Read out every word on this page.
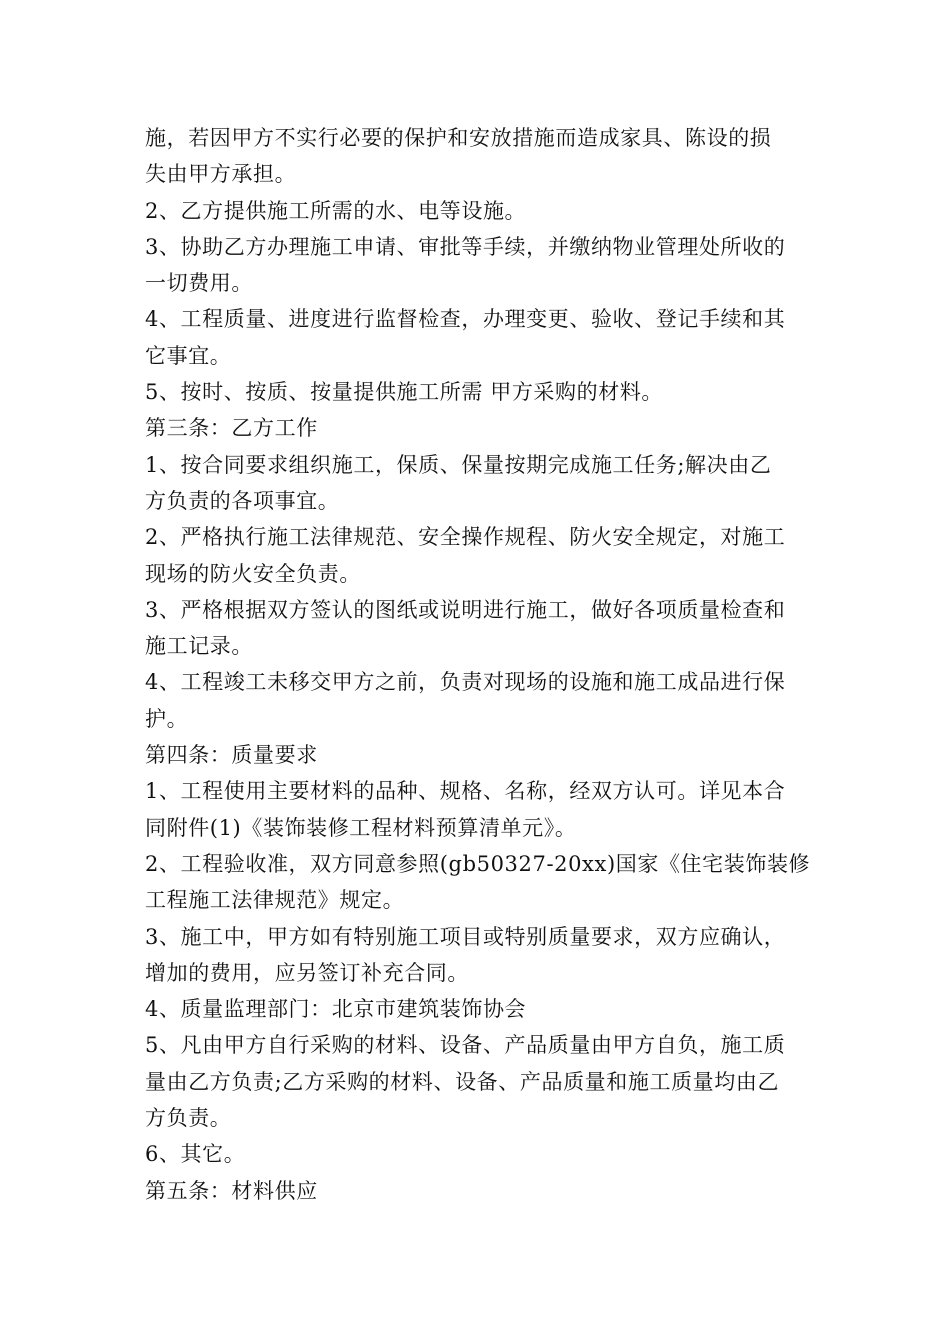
施，若因甲方不实行必要的保护和安放措施而造成家具、陈设的损
失由甲方承担。
2、乙方提供施工所需的水、电等设施。
3、协助乙方办理施工申请、审批等手续，并缴纳物业管理处所收的
一切费用。
4、工程质量、进度进行监督检查，办理变更、验收、登记手续和其
它事宜。
5、按时、按质、按量提供施工所需 甲方采购的材料。
第三条：乙方工作
1、按合同要求组织施工，保质、保量按期完成施工任务;解决由乙
方负责的各项事宜。
2、严格执行施工法律规范、安全操作规程、防火安全规定，对施工
现场的防火安全负责。
3、严格根据双方签认的图纸或说明进行施工，做好各项质量检查和
施工记录。
4、工程竣工未移交甲方之前，负责对现场的设施和施工成品进行保
护。
第四条：质量要求
1、工程使用主要材料的品种、规格、名称，经双方认可。详见本合
同附件(1)《装饰装修工程材料预算清单元》。
2、工程验收准，双方同意参照(gb50327-20xx)国家《住宅装饰装修
工程施工法律规范》规定。
3、施工中，甲方如有特别施工项目或特别质量要求，双方应确认，
增加的费用，应另签订补充合同。
4、质量监理部门：北京市建筑装饰协会
5、凡由甲方自行采购的材料、设备、产品质量由甲方自负，施工质
量由乙方负责;乙方采购的材料、设备、产品质量和施工质量均由乙
方负责。
6、其它。
第五条：材料供应
